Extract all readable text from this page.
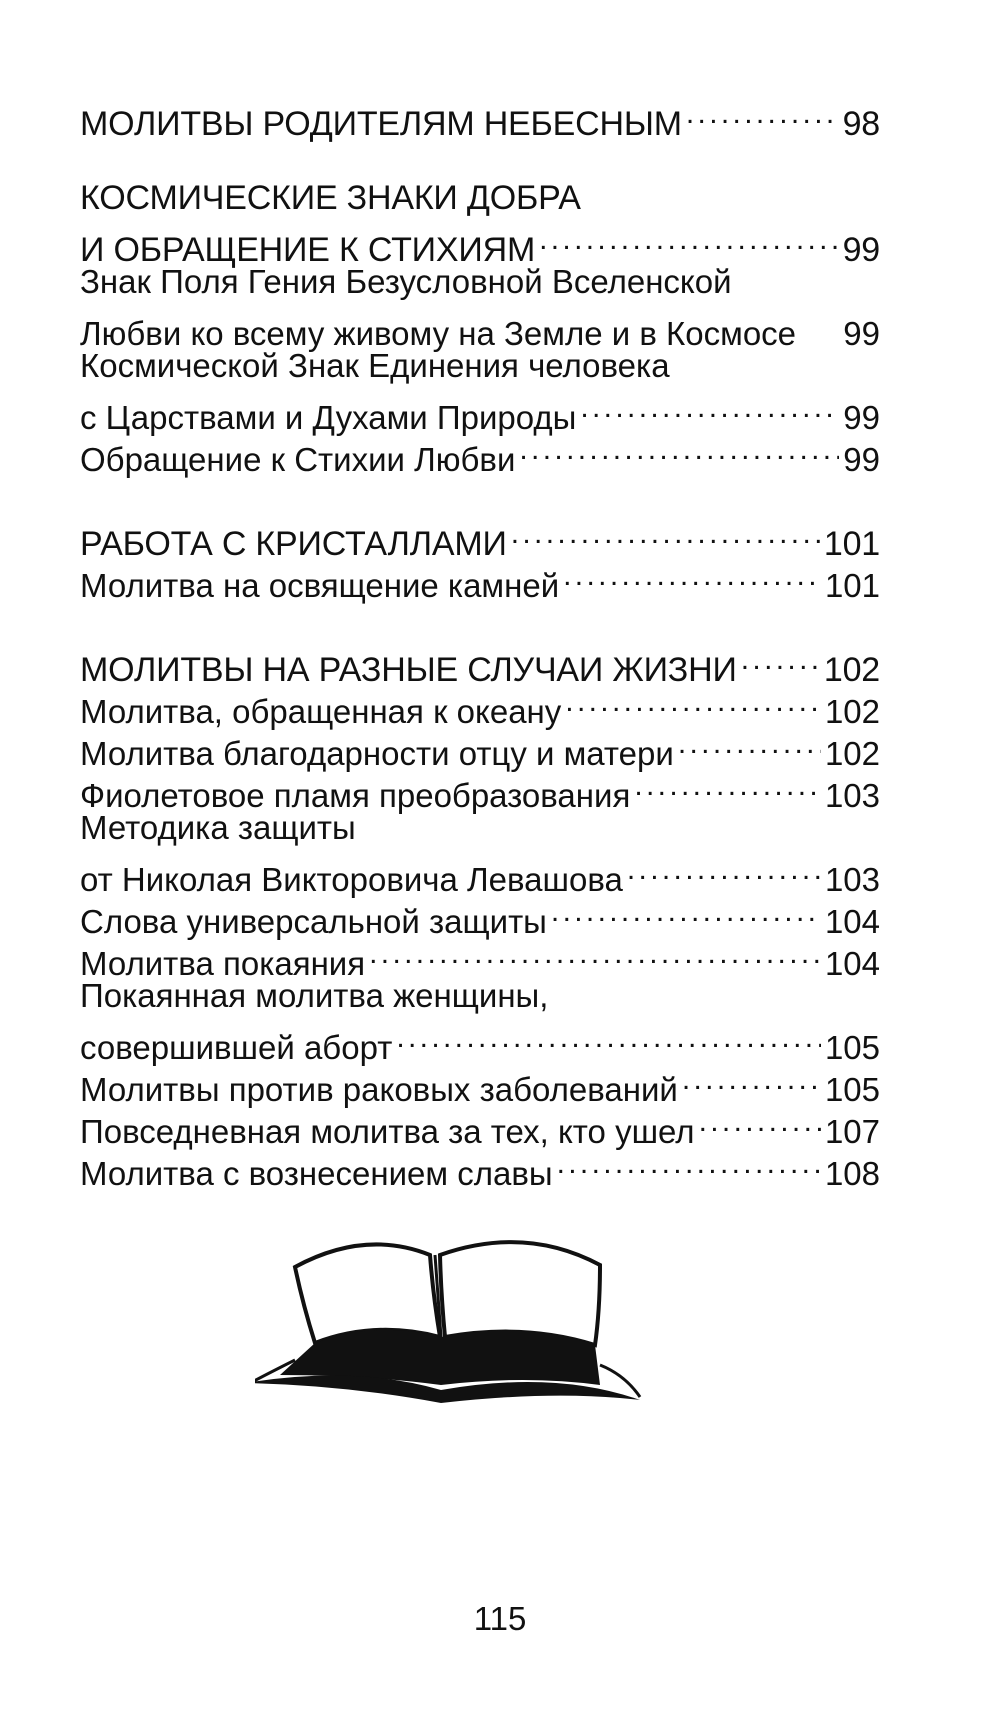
МОЛИТВЫ РОДИТЕЛЯМ НЕБЕСНЫМ . . .	98
КОСМИЧЕСКИЕ ЗНАКИ ДОБРА
И ОБРАЩЕНИЕ К СТИХИЯМ . . .	99
Знак Поля Гения Безусловной Вселенской
Любви ко всему живому на Земле и в Космосе 99
Космической Знак Единения человека
с Царствами и Духами Природы . . .	99
Обращение к Стихии Любви . . .	99
РАБОТА С КРИСТАЛЛАМИ . . .	101
Молитва на освящение камней . . .	101
МОЛИТВЫ НА РАЗНЫЕ СЛУЧАИ ЖИЗНИ . . .	102
Молитва, обращенная к океану . . .	102
Молитва благодарности отцу и матери . . .	102
Фиолетовое пламя преобразования . . .	103
Методика защиты
от Николая Викторовича Левашова . . .	103
Слова универсальной защиты . . .	104
Молитва покаяния . . .	104
Покаянная молитва женщины,
совершившей аборт . . .	105
Молитвы против раковых заболеваний . . .	105
Повседневная молитва за тех, кто ушел . . .	107
Молитва с вознесением славы . . .	108
115
